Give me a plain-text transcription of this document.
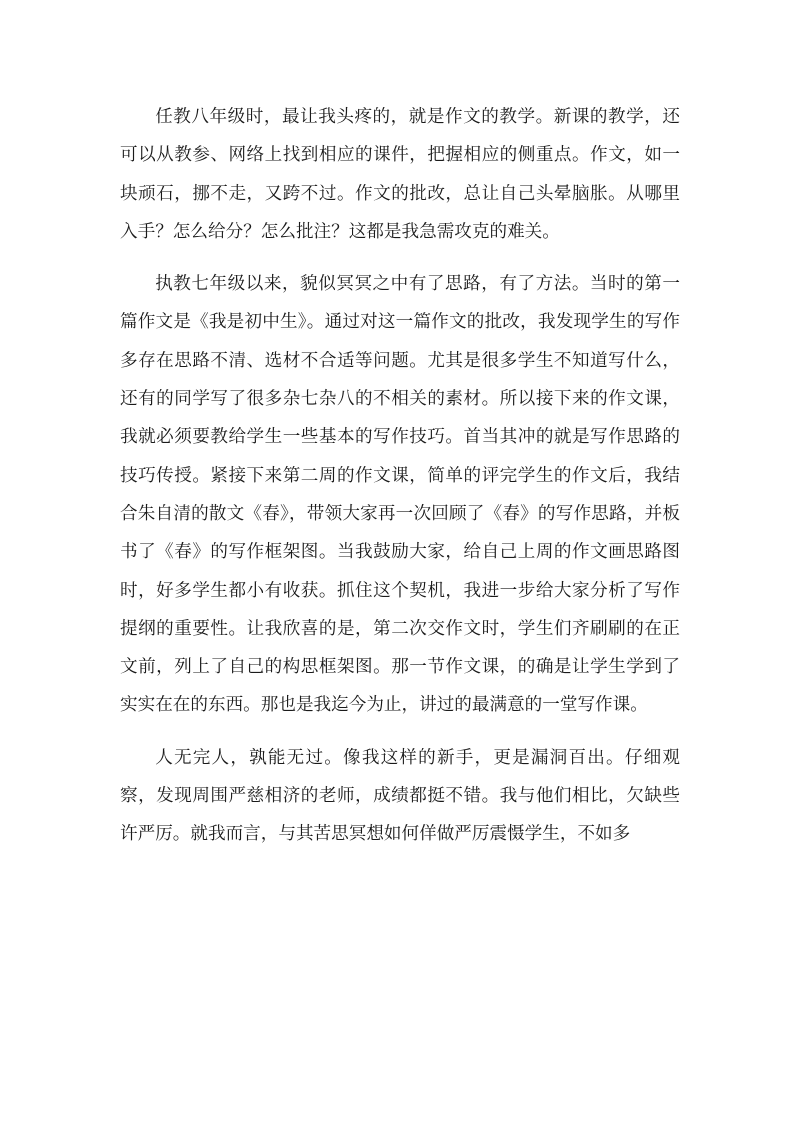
任教八年级时，最让我头疼的，就是作文的教学。新课的教学，还可以从教参、网络上找到相应的课件，把握相应的侧重点。作文，如一块顽石，挪不走，又跨不过。作文的批改，总让自己头晕脑胀。从哪里入手？怎么给分？怎么批注？这都是我急需攻克的难关。

执教七年级以来，貌似冥冥之中有了思路，有了方法。当时的第一篇作文是《我是初中生》。通过对这一篇作文的批改，我发现学生的写作多存在思路不清、选材不合适等问题。尤其是很多学生不知道写什么，还有的同学写了很多杂七杂八的不相关的素材。所以接下来的作文课，我就必须要教给学生一些基本的写作技巧。首当其冲的就是写作思路的技巧传授。紧接下来第二周的作文课，简单的评完学生的作文后，我结合朱自清的散文《春》，带领大家再一次回顾了《春》的写作思路，并板书了《春》的写作框架图。当我鼓励大家，给自己上周的作文画思路图时，好多学生都小有收获。抓住这个契机，我进一步给大家分析了写作提纲的重要性。让我欣喜的是，第二次交作文时，学生们齐刷刷的在正文前，列上了自己的构思框架图。那一节作文课，的确是让学生学到了实实在在的东西。那也是我迄今为止，讲过的最满意的一堂写作课。

人无完人，孰能无过。像我这样的新手，更是漏洞百出。仔细观察，发现周围严慈相济的老师，成绩都挺不错。我与他们相比，欠缺些许严厉。就我而言，与其苦思冥想如何佯做严厉震慑学生，不如多
